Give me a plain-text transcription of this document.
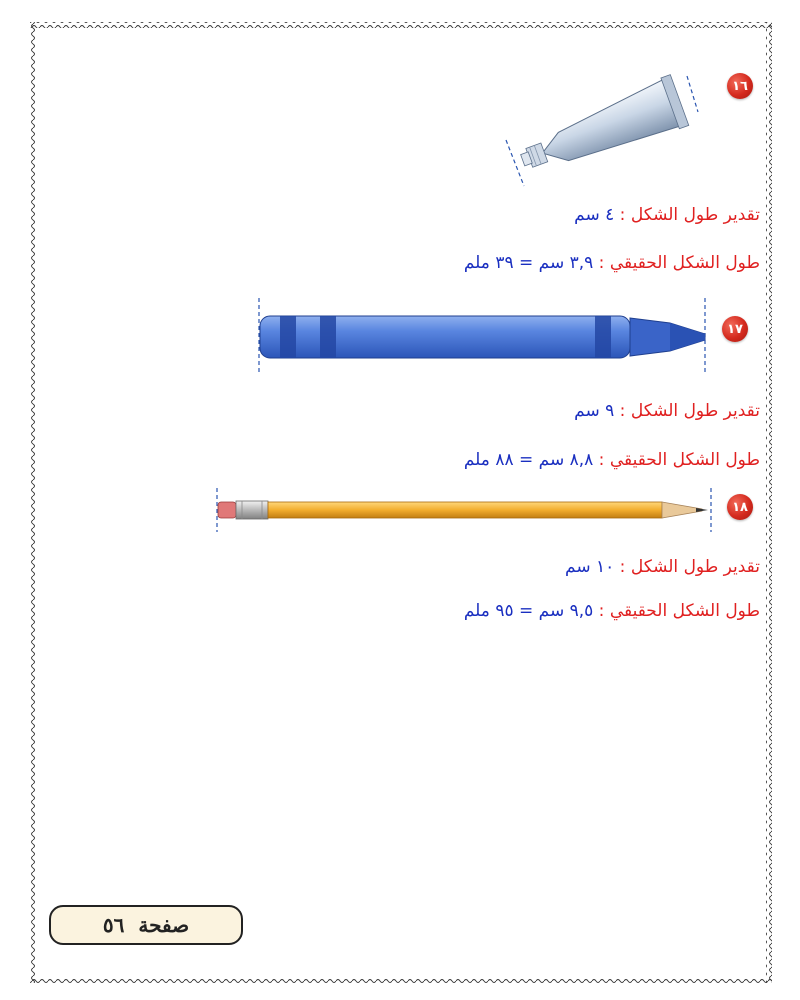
١٦
تقدير طول الشكل : ٤ سم
طول الشكل الحقيقي : ٣,٩ سم = ٣٩ ملم
١٧
تقدير طول الشكل : ٩ سم
طول الشكل الحقيقي : ٨,٨ سم = ٨٨ ملم
١٨
تقدير طول الشكل : ١٠ سم
طول الشكل الحقيقي : ٩,٥ سم = ٩٥ ملم
صفحة
٥٦
